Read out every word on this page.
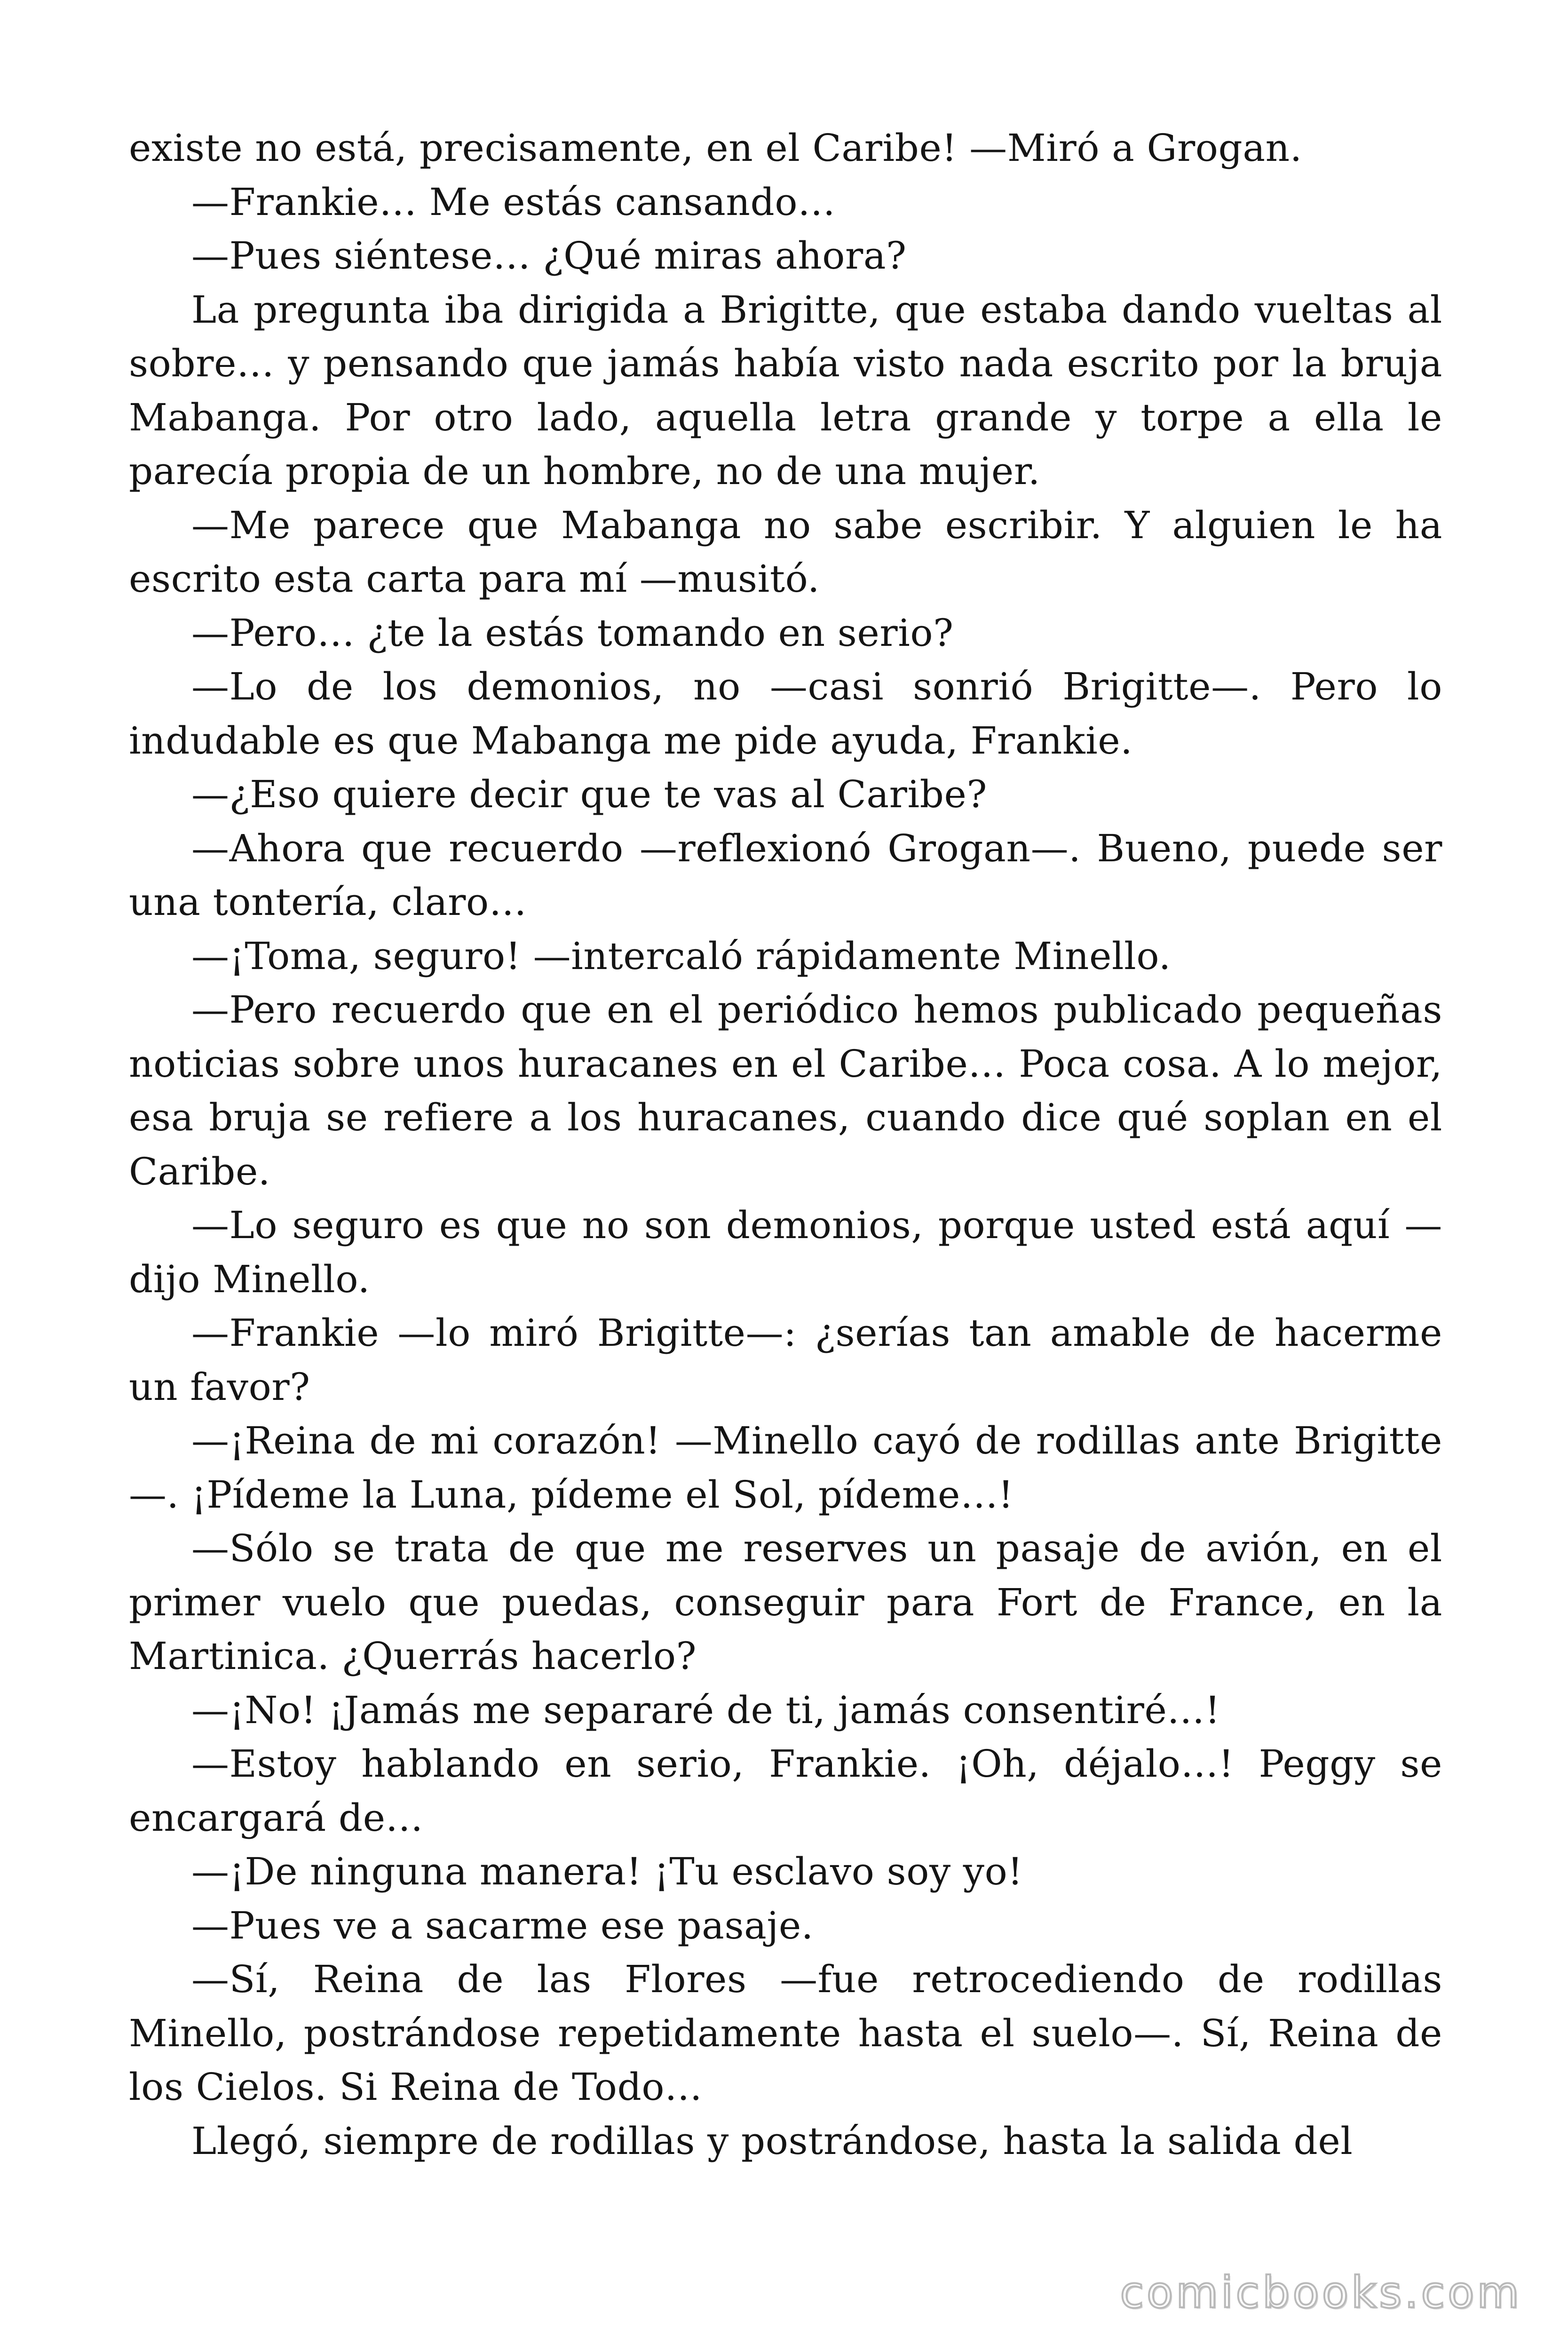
existe no está, precisamente, en el Caribe! —Miró a Grogan.

—Frankie… Me estás cansando…

—Pues siéntese… ¿Qué miras ahora?

La pregunta iba dirigida a Brigitte, que estaba dando vueltas al sobre… y pensando que jamás había visto nada escrito por la bruja Mabanga. Por otro lado, aquella letra grande y torpe a ella le parecía propia de un hombre, no de una mujer.

—Me parece que Mabanga no sabe escribir. Y alguien le ha escrito esta carta para mí —musitó.

—Pero… ¿te la estás tomando en serio?

—Lo de los demonios, no —casi sonrió Brigitte—. Pero lo indudable es que Mabanga me pide ayuda, Frankie.

—¿Eso quiere decir que te vas al Caribe?

—Ahora que recuerdo —reflexionó Grogan—. Bueno, puede ser una tontería, claro…

—¡Toma, seguro! —intercaló rápidamente Minello.

—Pero recuerdo que en el periódico hemos publicado pequeñas noticias sobre unos huracanes en el Caribe… Poca cosa. A lo mejor, esa bruja se refiere a los huracanes, cuando dice qué soplan en el Caribe.

—Lo seguro es que no son demonios, porque usted está aquí — dijo Minello.

—Frankie —lo miró Brigitte—: ¿serías tan amable de hacerme un favor?

—¡Reina de mi corazón! —Minello cayó de rodillas ante Brigitte —. ¡Pídeme la Luna, pídeme el Sol, pídeme…!

—Sólo se trata de que me reserves un pasaje de avión, en el primer vuelo que puedas, conseguir para Fort de France, en la Martinica. ¿Querrás hacerlo?

—¡No! ¡Jamás me separaré de ti, jamás consentiré…!

—Estoy hablando en serio, Frankie. ¡Oh, déjalo…! Peggy se encargará de…

—¡De ninguna manera! ¡Tu esclavo soy yo!

—Pues ve a sacarme ese pasaje.

—Sí, Reina de las Flores —fue retrocediendo de rodillas Minello, postrándose repetidamente hasta el suelo—. Sí, Reina de los Cielos. Si Reina de Todo…

Llegó, siempre de rodillas y postrándose, hasta la salida del

comicbooks.com
